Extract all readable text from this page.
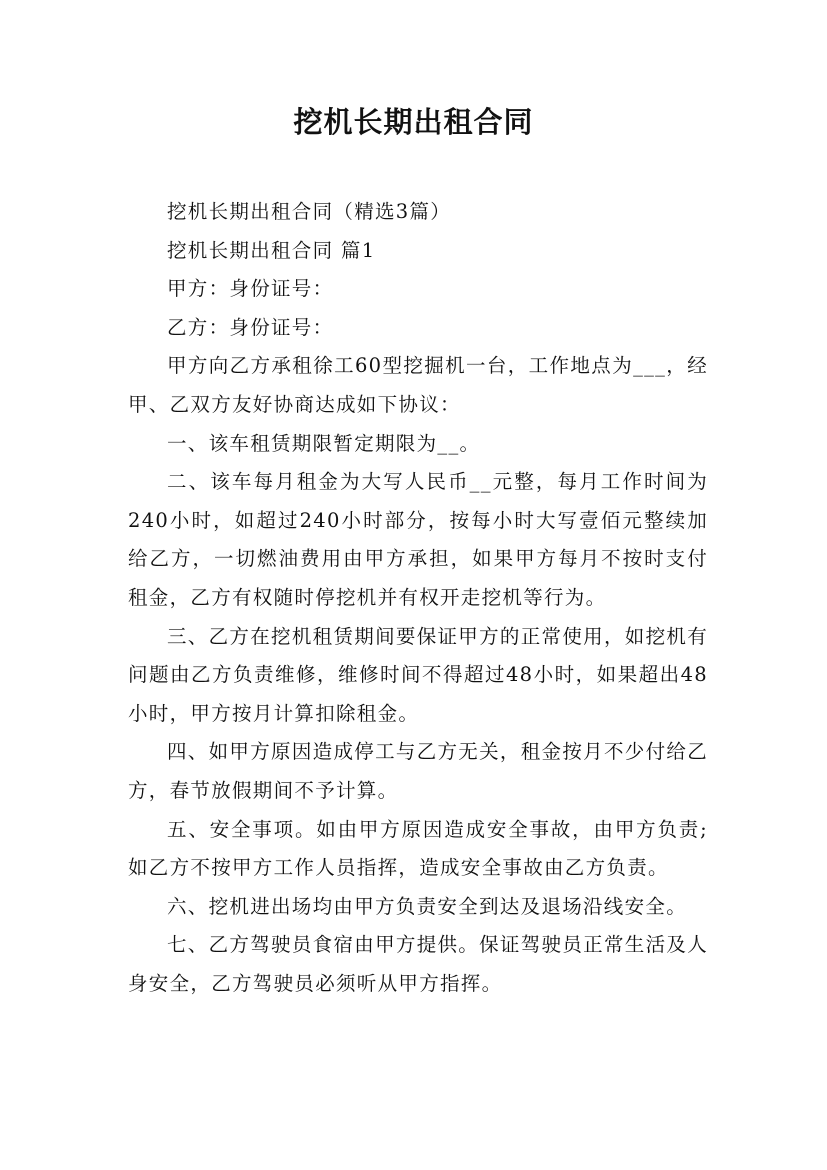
挖机长期出租合同

挖机长期出租合同（精选3篇）

挖机长期出租合同 篇1

甲方：身份证号：

乙方：身份证号：

甲方向乙方承租徐工60型挖掘机一台，工作地点为___，经甲、乙双方友好协商达成如下协议：

一、该车租赁期限暂定期限为__。

二、该车每月租金为大写人民币__元整，每月工作时间为240小时，如超过240小时部分，按每小时大写壹佰元整续加给乙方，一切燃油费用由甲方承担，如果甲方每月不按时支付租金，乙方有权随时停挖机并有权开走挖机等行为。

三、乙方在挖机租赁期间要保证甲方的正常使用，如挖机有问题由乙方负责维修，维修时间不得超过48小时，如果超出48小时，甲方按月计算扣除租金。

四、如甲方原因造成停工与乙方无关，租金按月不少付给乙方，春节放假期间不予计算。

五、安全事项。如由甲方原因造成安全事故，由甲方负责;如乙方不按甲方工作人员指挥，造成安全事故由乙方负责。

六、挖机进出场均由甲方负责安全到达及退场沿线安全。

七、乙方驾驶员食宿由甲方提供。保证驾驶员正常生活及人身安全，乙方驾驶员必须听从甲方指挥。
